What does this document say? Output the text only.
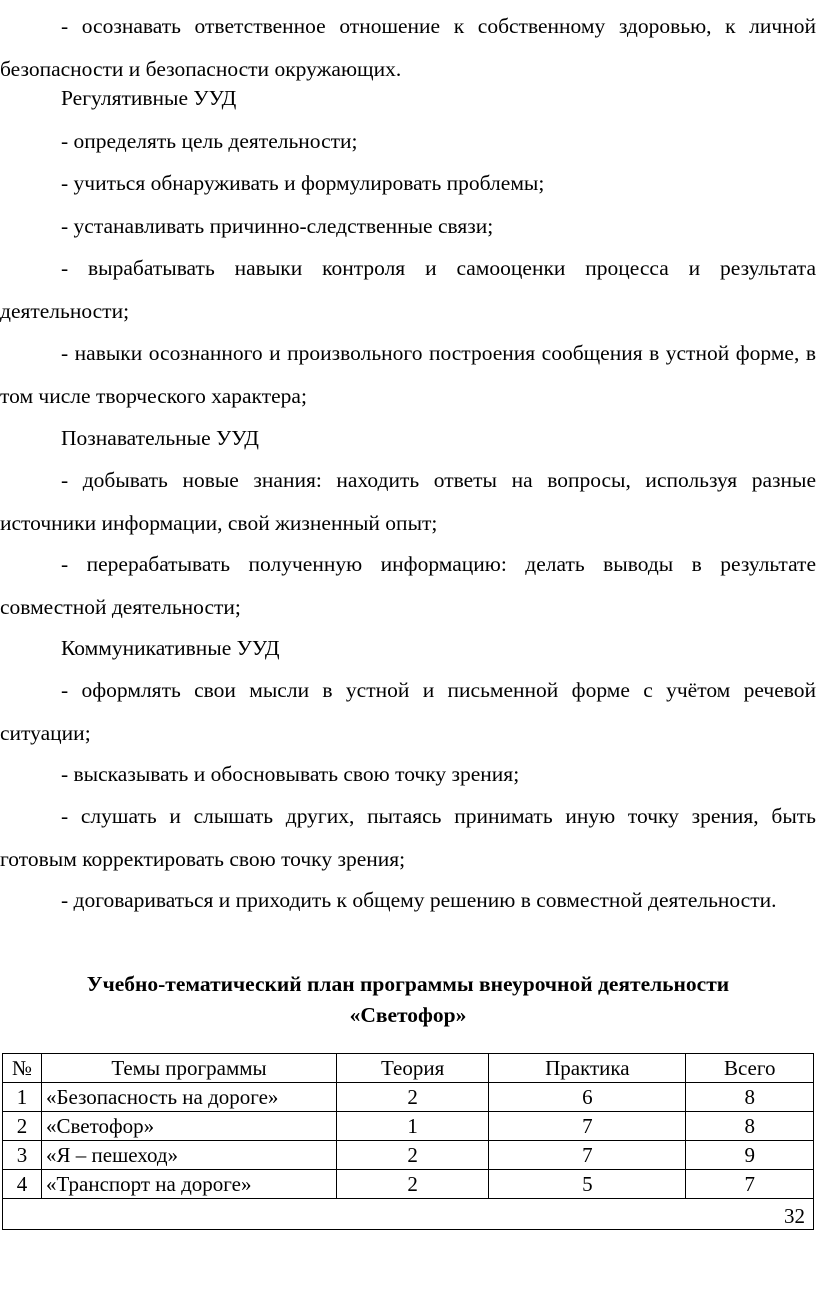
- осознавать ответственное отношение к собственному здоровью, к личной безопасности и безопасности окружающих.

Регулятивные УУД

- определять цель деятельности;

- учиться обнаруживать и формулировать проблемы;

- устанавливать причинно-следственные связи;

- вырабатывать навыки контроля и самооценки процесса и результата деятельности;

- навыки осознанного и произвольного построения сообщения в устной форме, в том числе творческого характера;

Познавательные УУД

- добывать новые знания: находить ответы на вопросы, используя разные источники информации, свой жизненный опыт;

- перерабатывать полученную информацию: делать выводы в результате совместной деятельности;

Коммуникативные УУД

- оформлять свои мысли в устной и письменной форме с учётом речевой ситуации;

- высказывать и обосновывать свою точку зрения;

- слушать и слышать других, пытаясь принимать иную точку зрения, быть готовым корректировать свою точку зрения;

- договариваться и приходить к общему решению в совместной деятельности.

Учебно-тематический план программы внеурочной деятельности

«Светофор»

№	Темы программы	Теория	Практика	Всего
1	«Безопасность на дороге»	2	6	8
2	«Светофор»	1	7	8
3	«Я – пешеход»	2	7	9
4	«Транспорт на дороге»	2	5	7
32				
